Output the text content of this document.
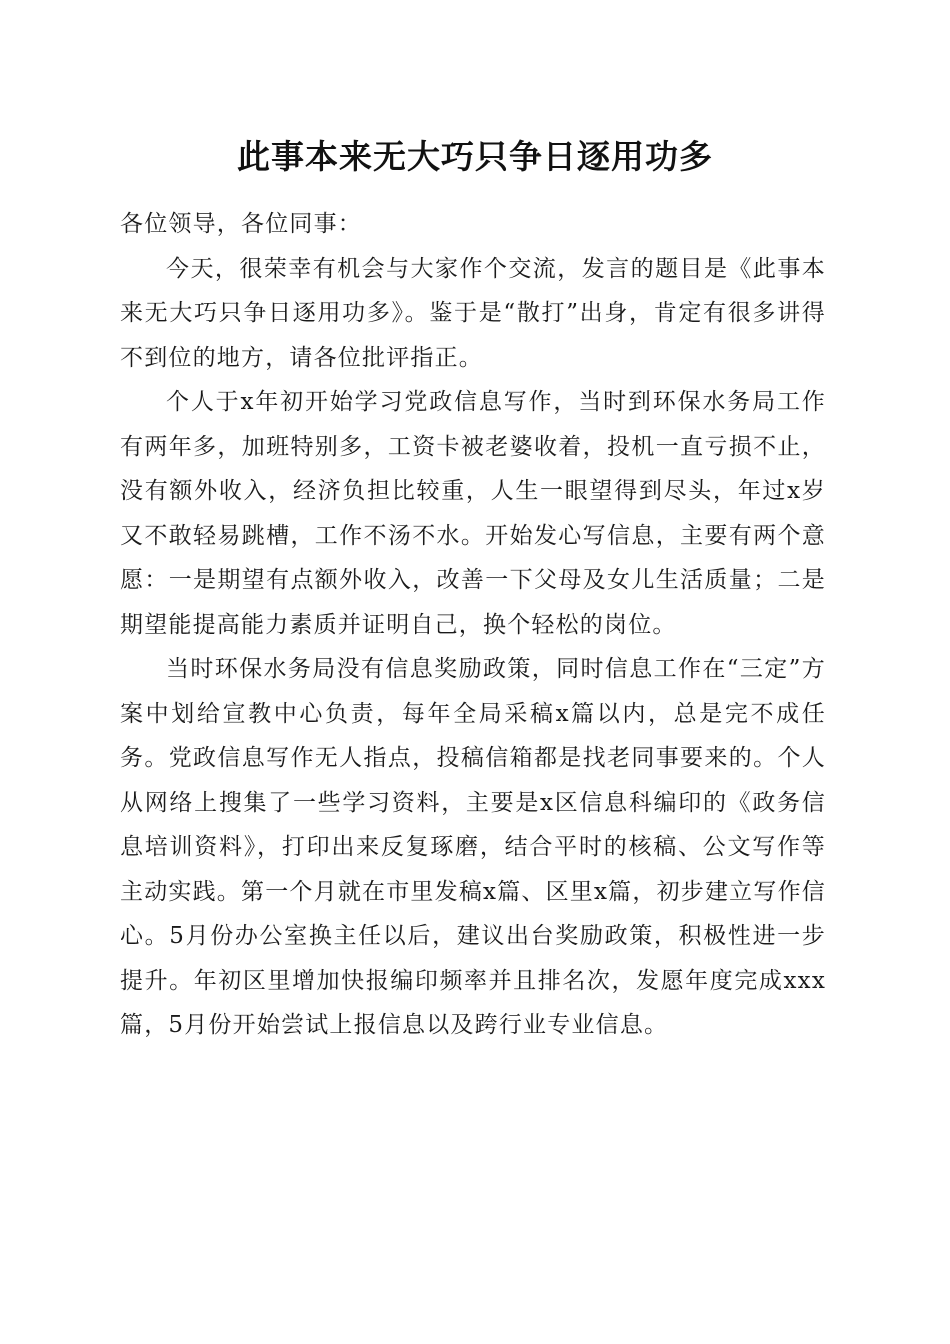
此事本来无大巧只争日逐用功多

各位领导，各位同事：

今天，很荣幸有机会与大家作个交流，发言的题目是《此事本来无大巧只争日逐用功多》。鉴于是“散打”出身，肯定有很多讲得不到位的地方，请各位批评指正。

个人于x年初开始学习党政信息写作，当时到环保水务局工作有两年多，加班特别多，工资卡被老婆收着，投机一直亏损不止，没有额外收入，经济负担比较重，人生一眼望得到尽头，年过x岁又不敢轻易跳槽，工作不汤不水。开始发心写信息，主要有两个意愿：一是期望有点额外收入，改善一下父母及女儿生活质量；二是期望能提高能力素质并证明自己，换个轻松的岗位。

当时环保水务局没有信息奖励政策，同时信息工作在“三定”方案中划给宣教中心负责，每年全局采稿x篇以内，总是完不成任务。党政信息写作无人指点，投稿信箱都是找老同事要来的。个人从网络上搜集了一些学习资料，主要是x区信息科编印的《政务信息培训资料》，打印出来反复琢磨，结合平时的核稿、公文写作等主动实践。第一个月就在市里发稿x篇、区里x篇，初步建立写作信心。5月份办公室换主任以后，建议出台奖励政策，积极性进一步提升。年初区里增加快报编印频率并且排名次，发愿年度完成xxx篇，5月份开始尝试上报信息以及跨行业专业信息。
